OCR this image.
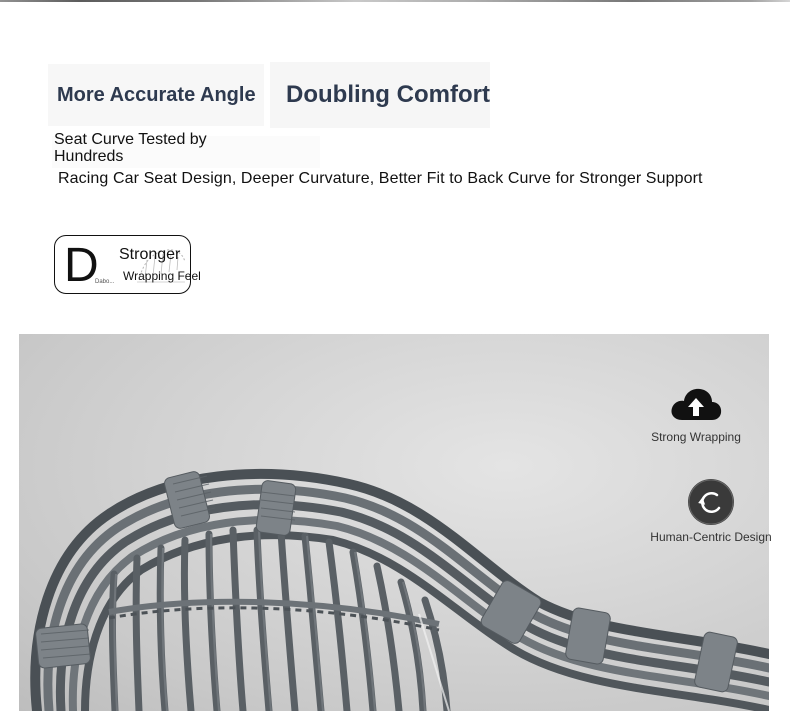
More Accurate Angle Doubling Comfort
Seat Curve Tested by Hundreds
Racing Car Seat Design, Deeper Curvature, Better Fit to Back Curve for Stronger Support
D Stronger
Wrapping Feel
Dabo...
Strong Wrapping
Human-Centric Design
